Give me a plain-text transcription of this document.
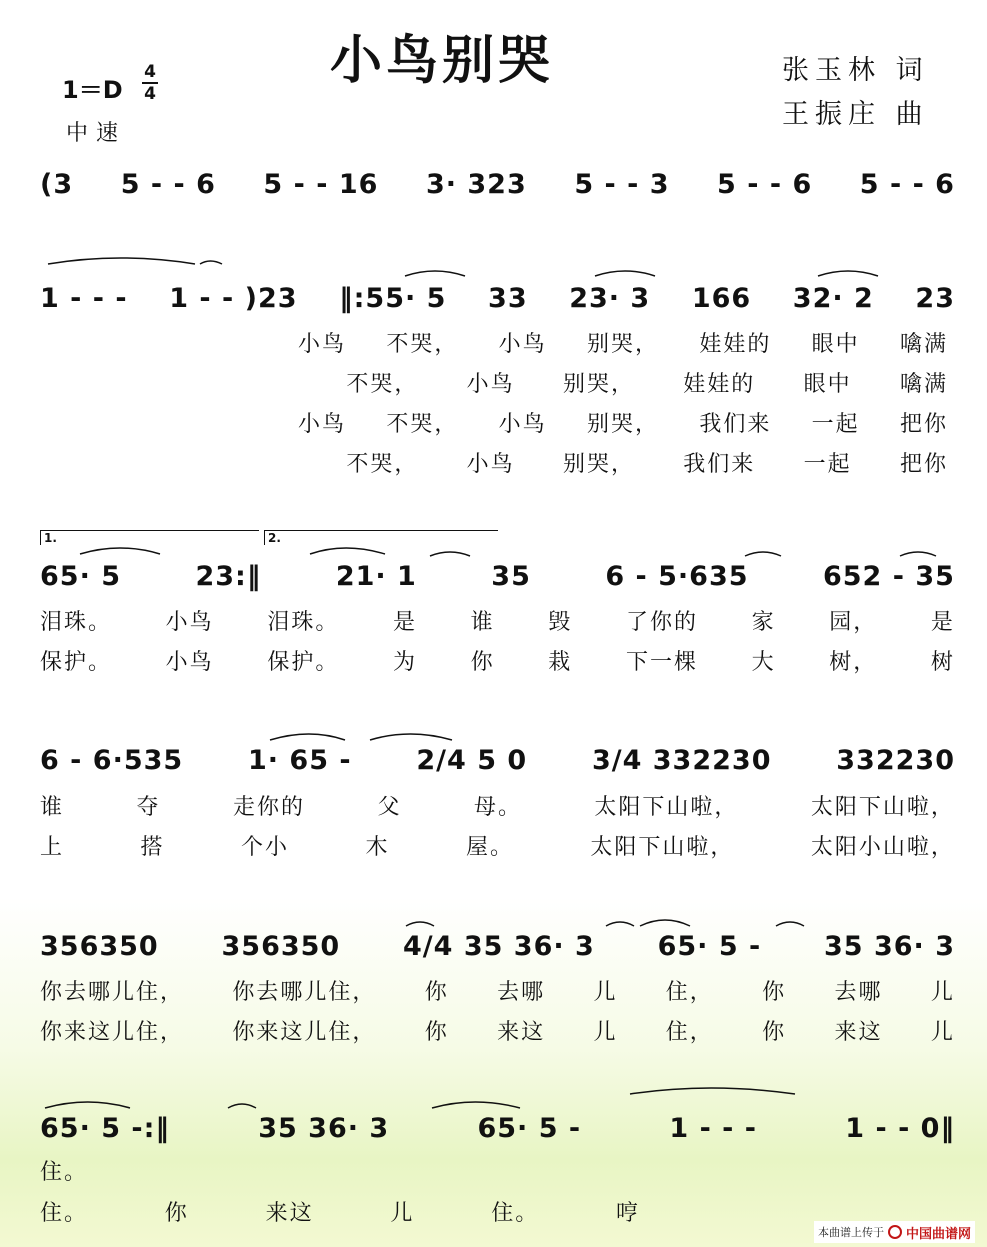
小鸟别哭	张玉林 词
王振庄 曲
1＝D
4
4
中速
(3 5 - - 6 5 - - 16 3· 323 5 - - 3 5 - - 6 5 - - 6
1 - - - 1 - - )23 ‖:55· 5 33 23· 3 166 32· 2 23
小鸟 不哭， 小鸟 别哭， 娃娃的 眼中 噙满
不哭， 小鸟 别哭， 娃娃的 眼中 噙满
小鸟 不哭， 小鸟 别哭， 我们来 一起 把你
不哭， 小鸟 别哭， 我们来 一起 把你
1.	2.
65· 5	23:‖	21· 1	35	6 - 5·635	652 - 35
泪珠。 小鸟 泪珠。 是 谁 毁 了你的 家 园， 是
保护。 小鸟 保护。 为 你 栽 下一棵 大 树， 树
6 - 6·535 1· 65 - 2/4 5 0 3/4 332230 332230
谁	夺	走你的	父	母。	太阳下山啦，	太阳下山啦，
上	搭	个小	木	屋。	太阳下山啦，	太阳小山啦，
356350 356350 4/4 35 36· 3 65· 5 - 35 36· 3
你去哪儿住， 你去哪儿住， 你 去哪 儿 住， 你 去哪 儿
你来这儿住， 你来这儿住， 你 来这 儿 住， 你 来这 儿
65· 5 -:‖	35 36· 3	65· 5 -	1 - - -	1 - - 0‖
住。
住。	你	来这	儿	住。	哼
本曲谱上传于 中国曲谱网
